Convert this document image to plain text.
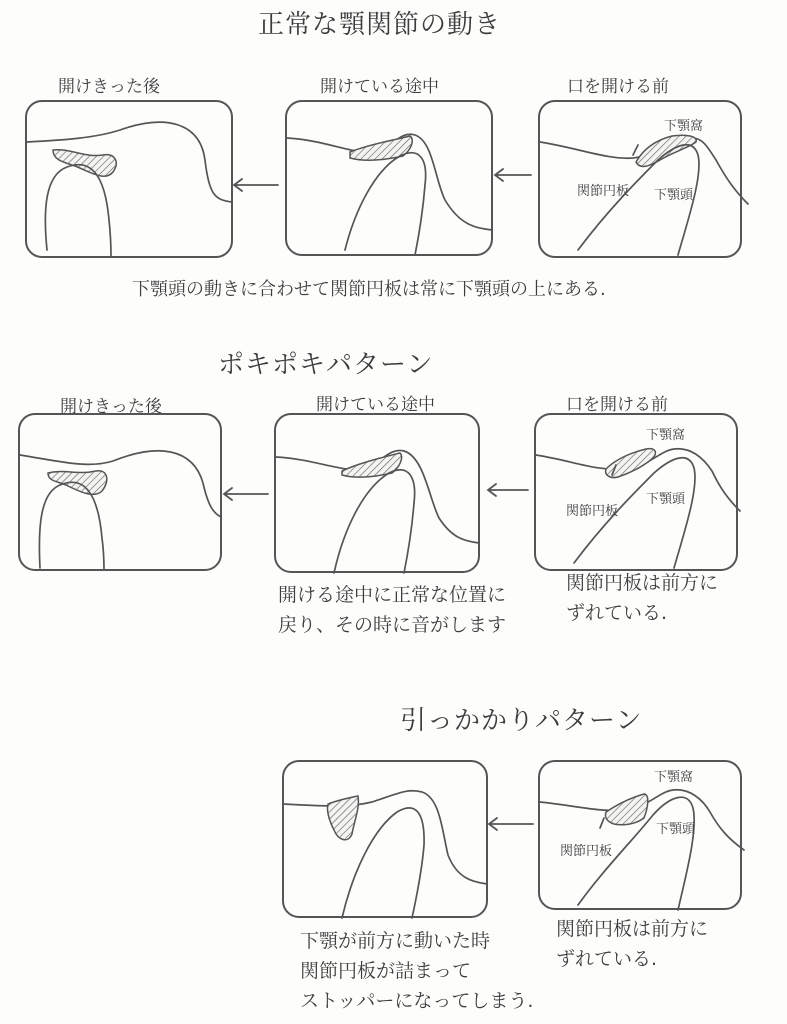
正常な顎関節の動き
開けきった後	開けている途中	口を開ける前
下顎窩
関節円板 下顎頭
下顎頭の動きに合わせて関節円板は常に下顎頭の上にある.
ポキポキパターン
開けきった後	開けている途中	口を開ける前
下顎窩
関節円板
下顎頭
開ける途中に正常な位置に
戻り、その時に音がします
関節円板は前方に
ずれている.
引っかかりパターン
下顎窩
関節円板
下顎頭
下顎が前方に動いた時
関節円板が詰まって
ストッパーになってしまう.
関節円板は前方に
ずれている.
